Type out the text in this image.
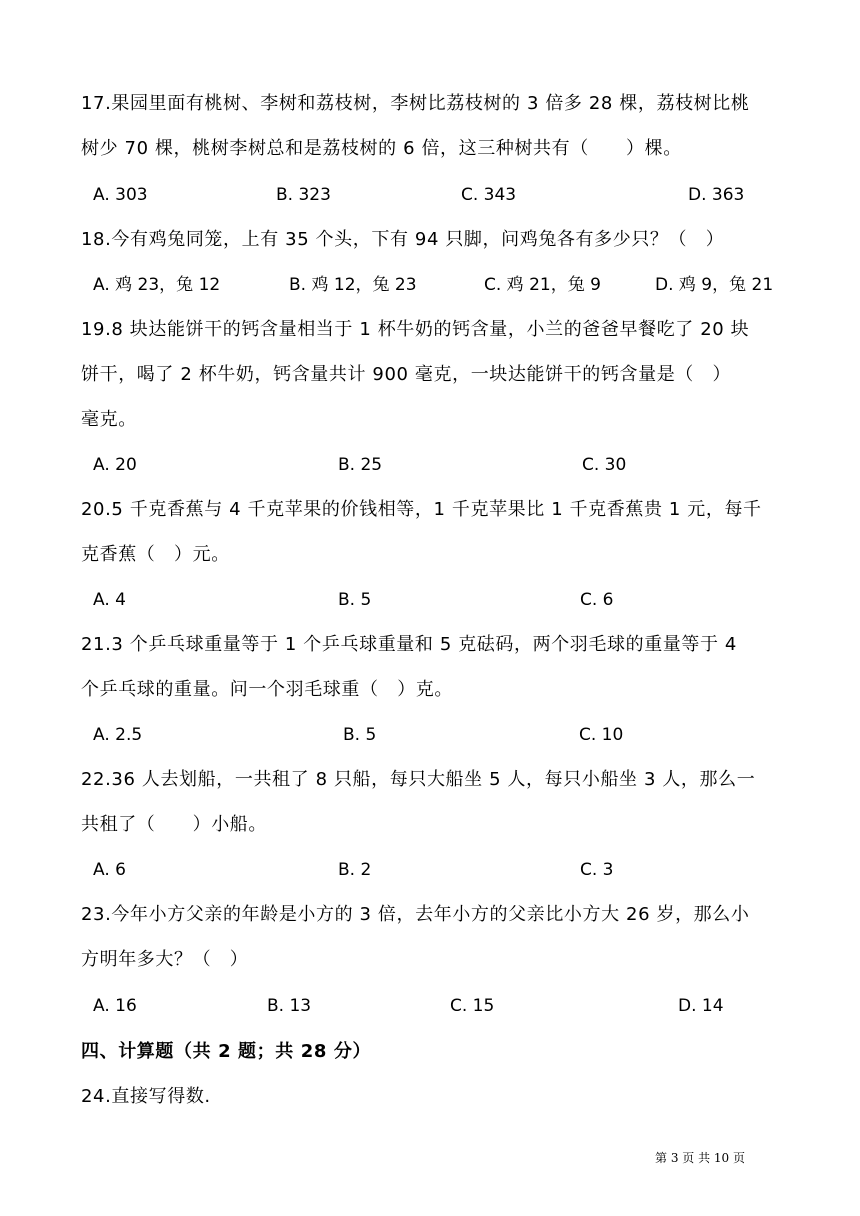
17.果园里面有桃树、李树和荔枝树，李树比荔枝树的 3 倍多 28 棵，荔枝树比桃
树少 70 棵，桃树李树总和是荔枝树的 6 倍，这三种树共有（　　）棵。
A. 303	B. 323	C. 343	D. 363
18.今有鸡兔同笼，上有 35 个头，下有 94 只脚，问鸡兔各有多少只？（　）
A. 鸡 23，兔 12	B. 鸡 12，兔 23	C. 鸡 21，兔 9	D. 鸡 9，兔 21
19.8 块达能饼干的钙含量相当于 1 杯牛奶的钙含量，小兰的爸爸早餐吃了 20 块
饼干，喝了 2 杯牛奶，钙含量共计 900 毫克，一块达能饼干的钙含量是（　）
毫克。
A. 20	B. 25	C. 30
20.5 千克香蕉与 4 千克苹果的价钱相等，1 千克苹果比 1 千克香蕉贵 1 元，每千
克香蕉（　）元。
A. 4	B. 5	C. 6
21.3 个乒乓球重量等于 1 个乒乓球重量和 5 克砝码，两个羽毛球的重量等于 4
个乒乓球的重量。问一个羽毛球重（　）克。
A. 2.5	B. 5	C. 10
22.36 人去划船，一共租了 8 只船，每只大船坐 5 人，每只小船坐 3 人，那么一
共租了（　　）小船。
A. 6	B. 2	C. 3
23.今年小方父亲的年龄是小方的 3 倍，去年小方的父亲比小方大 26 岁，那么小
方明年多大？（　）
A. 16	B. 13	C. 15	D. 14
四、计算题（共 2 题；共 28 分）
24.直接写得数.
第 3 页 共 10 页
